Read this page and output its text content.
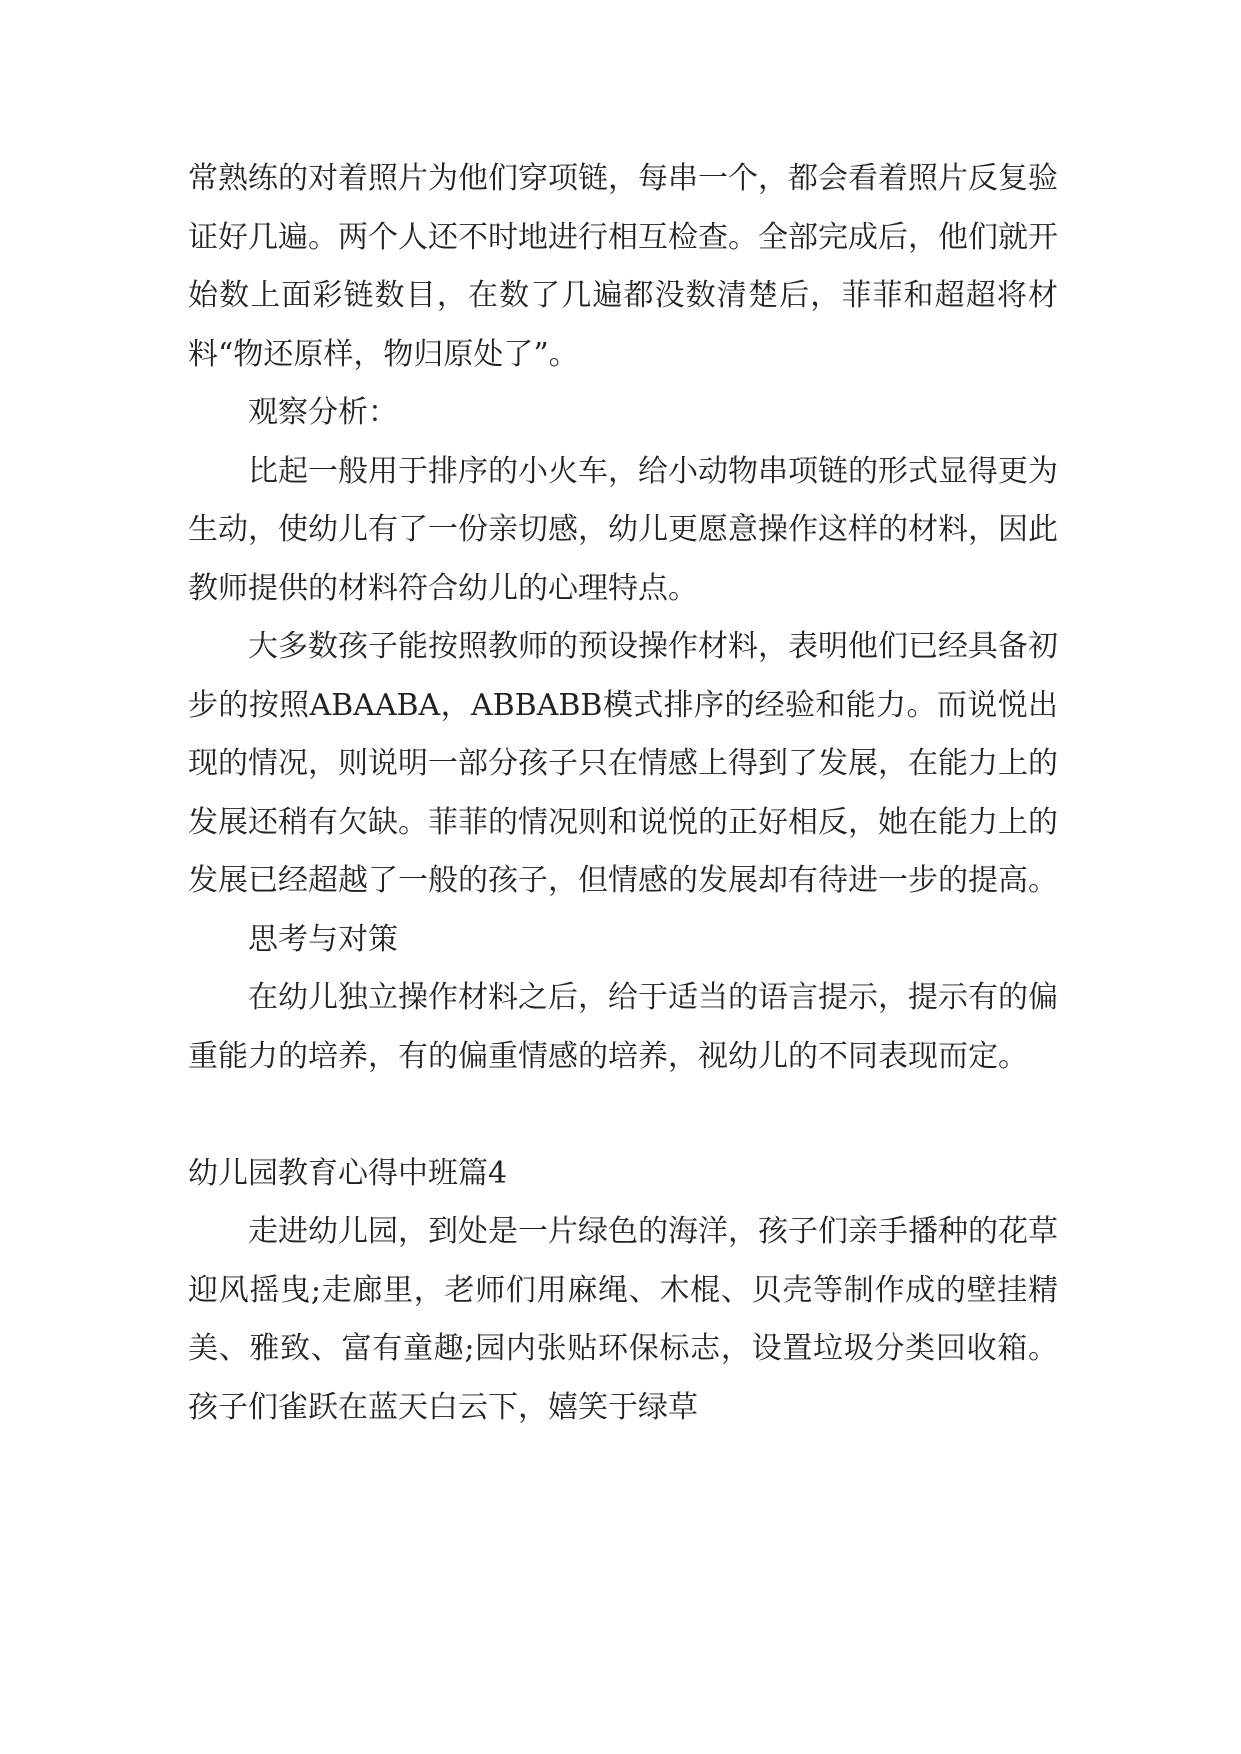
常熟练的对着照片为他们穿项链，每串一个，都会看着照片反复验证好几遍。两个人还不时地进行相互检查。全部完成后，他们就开始数上面彩链数目，在数了几遍都没数清楚后，菲菲和超超将材料“物还原样，物归原处了”。

观察分析：

比起一般用于排序的小火车，给小动物串项链的形式显得更为生动，使幼儿有了一份亲切感，幼儿更愿意操作这样的材料，因此教师提供的材料符合幼儿的心理特点。

大多数孩子能按照教师的预设操作材料，表明他们已经具备初步的按照ABAABA，ABBABB模式排序的经验和能力。而说悦出现的情况，则说明一部分孩子只在情感上得到了发展，在能力上的发展还稍有欠缺。菲菲的情况则和说悦的正好相反，她在能力上的发展已经超越了一般的孩子，但情感的发展却有待进一步的提高。

思考与对策

在幼儿独立操作材料之后，给于适当的语言提示，提示有的偏重能力的培养，有的偏重情感的培养，视幼儿的不同表现而定。

幼儿园教育心得中班篇4

走进幼儿园，到处是一片绿色的海洋，孩子们亲手播种的花草迎风摇曳;走廊里，老师们用麻绳、木棍、贝壳等制作成的壁挂精美、雅致、富有童趣;园内张贴环保标志，设置垃圾分类回收箱。孩子们雀跃在蓝天白云下，嬉笑于绿草
